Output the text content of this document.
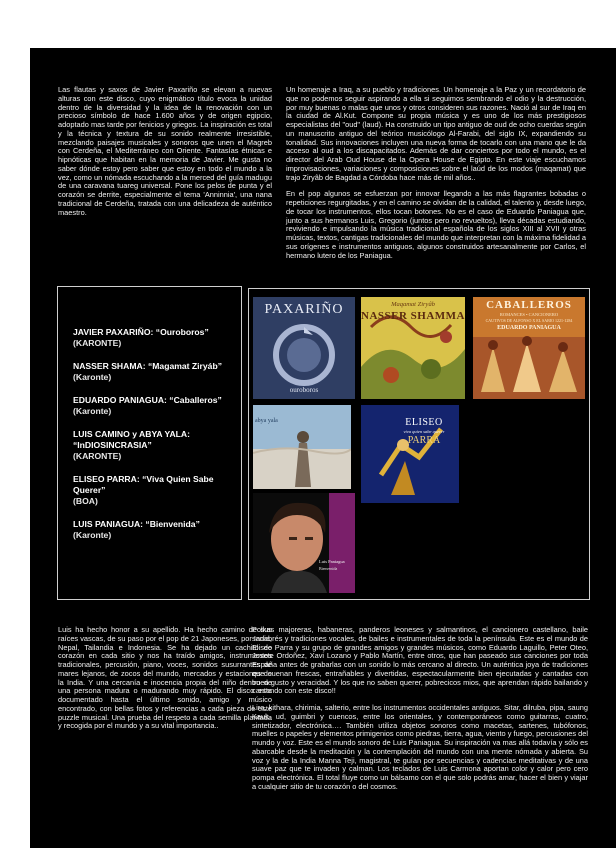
Las flautas y saxos de Javier Paxariño se elevan a nuevas alturas con este disco, cuyo enigmático título evoca la unidad dentro de la diversidad y la idea de la renovación con un precioso símbolo de hace 1.600 años y de origen egipcio, adoptado mas tarde por fenicios y griegos. La inspiración es total y la técnica y textura de su sonido realmente irresistible, mezclando paisajes musicales y sonoros que unen el Magreb con Cerdeña, el Mediterráneo con Oriente. Fantasías étnicas e hipnóticas que habitan en la memoria de Javier. Me gusta no saber dónde estoy pero saber que estoy en todo el mundo a la vez, como un nómada escuchando a la merced del guía madugu de una caravana tuareg universal. Pone los pelos de punta y el corazón se derrite, especialmente el tema 'Anninnia', una nana tradicional de Cerdeña, tratada con una delicadeza de auténtico maestro.

Un homenaje a Iraq, a su pueblo y tradiciones. Un homenaje a la Paz y un recordatorio de que no podemos seguir aspirando a ella si seguimos sembrando el odio y la destrucción, por muy buenas o malas que unos y otros consideren sus razones. Nació al sur de Iraq en la ciudad de Al.Kut. Compone su propia música y es uno de los más prestigiosos especialistas del "oud" (laud). Ha construido un tipo antiguo de oud de ocho cuerdas según un manuscrito antiguo del teórico musicólogo Al-Farabi, del siglo IX, expandiendo su tonalidad. Sus innovaciones incluyen una nueva forma de tocarlo con una mano que le da acceso al oud a los discapacitados. Además de dar conciertos por todo el mundo, es el director del Arab Oud House de la Opera House de Egipto. En este viaje escuchamos improvisaciones, variaciones y composiciones sobre el laúd de los modos (maqamat) que trajo Ziryâb de Bagdad a Córdoba hace más de mil años..

En el pop algunos se esfuerzan por innovar llegando a las más flagrantes bobadas o repeticiones regurgitadas, y en el camino se olvidan de la calidad, el talento y, desde luego, de tocar los instrumentos, ellos tocan botones. No es el caso de Eduardo Paniagua que, junto a sus hermanos Luis, Gregorio (juntos pero no revueltos), lleva décadas estudiando, reviviendo e impulsando la música tradicional española de los siglos XIII al XVII y otras músicas, textos, cantigas tradicionales del mundo que interpretan con la máxima fidelidad a sus orígenes e instrumentos antiguos, algunos construidos artesanalmente por Carlos, el hermano lutero de los Paniagua.

JAVIER PAXARIÑO: “Ouroboros”
(KARONTE)
NASSER SHAMA: “Magamat Ziryáb”
(Karonte)
EDUARDO PANIAGUA: “Caballeros”
(Karonte)
LUIS CAMINO y ABYA YALA: “InDIOSINCRASIA”
(KARONTE)
ELISEO PARRA: “Viva Quien Sabe Querer”
(BOA)
LUIS PANIAGUA: “Bienvenida”
(Karonte)
PAXARIÑO
ouroboros
Maqamat Ziryâb
NASSER SHAMMA
CABALLEROS
ROMANCES • CANCIONERO
CAUTIVOS DE ALFONSO X EL SABIO 1221-1284
EDUARDO PANIAGUA
abya yala	ELISEO
PARRA
viva quien sabe querer
Luis Paniagua
Bienvenida

Luis ha hecho honor a su apellido. Ha hecho camino de sus raíces vascas, de su paso por el pop de 21 Japoneses, por India, Nepal, Tailandia e Indonesia. Se ha dejado un cachito de corazón en cada sitio y nos ha traído amigos, instrumentos tradicionales, percusión, piano, voces, sonidos susurrantes de mares lejanos, de zocos del mundo, mercados y estaciones de la India. Y una cercanía e inocencia propia del niño dentro de una persona madura o madurando muy rápido. El disco esta documentado hasta el último sonido, amigo y músico encontrado, con bellas fotos y referencias a cada pieza de este puzzle musical. Una prueba del respeto a cada semilla plantada y recogida por el mundo y a su vital importancia..

Polkas majoreras, habaneras, panderos leoneses y salmantinos, el cancionero castellano, baile sanabrés y tradiciones vocales, de bailes e instrumentales de toda la península. Este es el mundo de Eliseo Parra y su grupo de grandes amigos y grandes músicos, como Eduardo Laguillo, Peter Oteo, Josete Ordoñez, Xavi Lozano y Pablo Martín, entre otros, que han paseado sus canciones por toda España antes de grabarlas con un sonido lo más cercano al directo. Un auténtica joya de tradiciones que suenan frescas, entrañables y divertidas, espectacularmente bien ejecutadas y cantadas con buen gusto y veracidad. Y los que no saben querer, pobrecicos mios, que aprendan rápido bailando y cantando con este disco!!

Lira, kithara, chirimia, salterio, entre los instrumentos occidentales antiguos. Sitar, dilruba, pipa, saung Kauk, ud, guimbri y cuencos, entre los orientales, y contemporáneos como guitarras, cuatro, sintetizador, electrónica…. También utiliza objetos sonoros como macetas, sartenes, tubófonos, muelles o papeles y elementos primigenios como piedras, tierra, agua, viento y fuego, percusiones del mundo y voz. Este es el mundo sonoro de Luis Paniagua. Su inspiración va mas allá todavía y sólo es abarcable desde la meditación y la contemplación del mundo con una mente nómada y abierta. Su voz y la de la India Manna Teji, magistral, te guían por secuencias y cadencias meditativas y de una suave paz que te invaden y calman. Los teclados de Luis Carmona aportan color y calor pero cero pompa electrónica. El total fluye como un bálsamo con el que solo podrás amar, hacer el bien y viajar a cualquier sitio de tu corazón o del cosmos.
